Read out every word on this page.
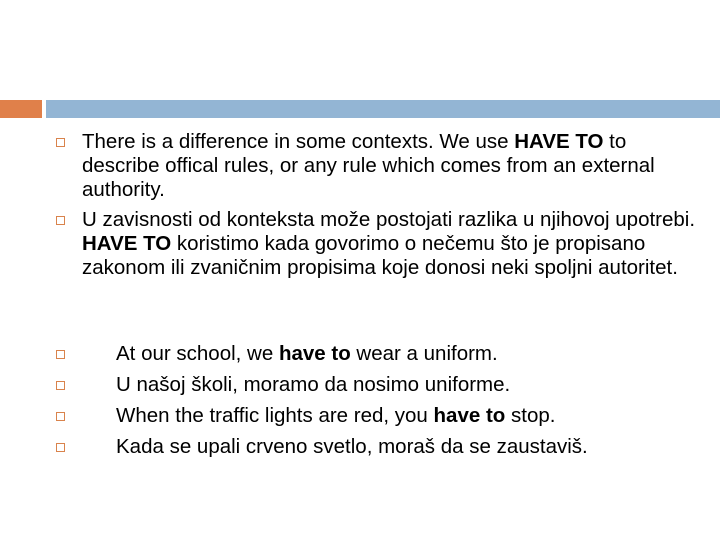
There is a difference in some contexts. We use HAVE TO to describe offical rules, or any rule which comes from an external authority.
U zavisnosti od konteksta može postojati razlika u njihovoj upotrebi. HAVE TO koristimo kada govorimo o nečemu što je propisano zakonom ili zvaničnim propisima koje donosi neki spoljni autoritet.
At our school, we have to wear a uniform.
U našoj školi, moramo da nosimo uniforme.
When the traffic lights are red, you have to stop.
Kada se upali crveno svetlo, moraš da se zaustaviš.
